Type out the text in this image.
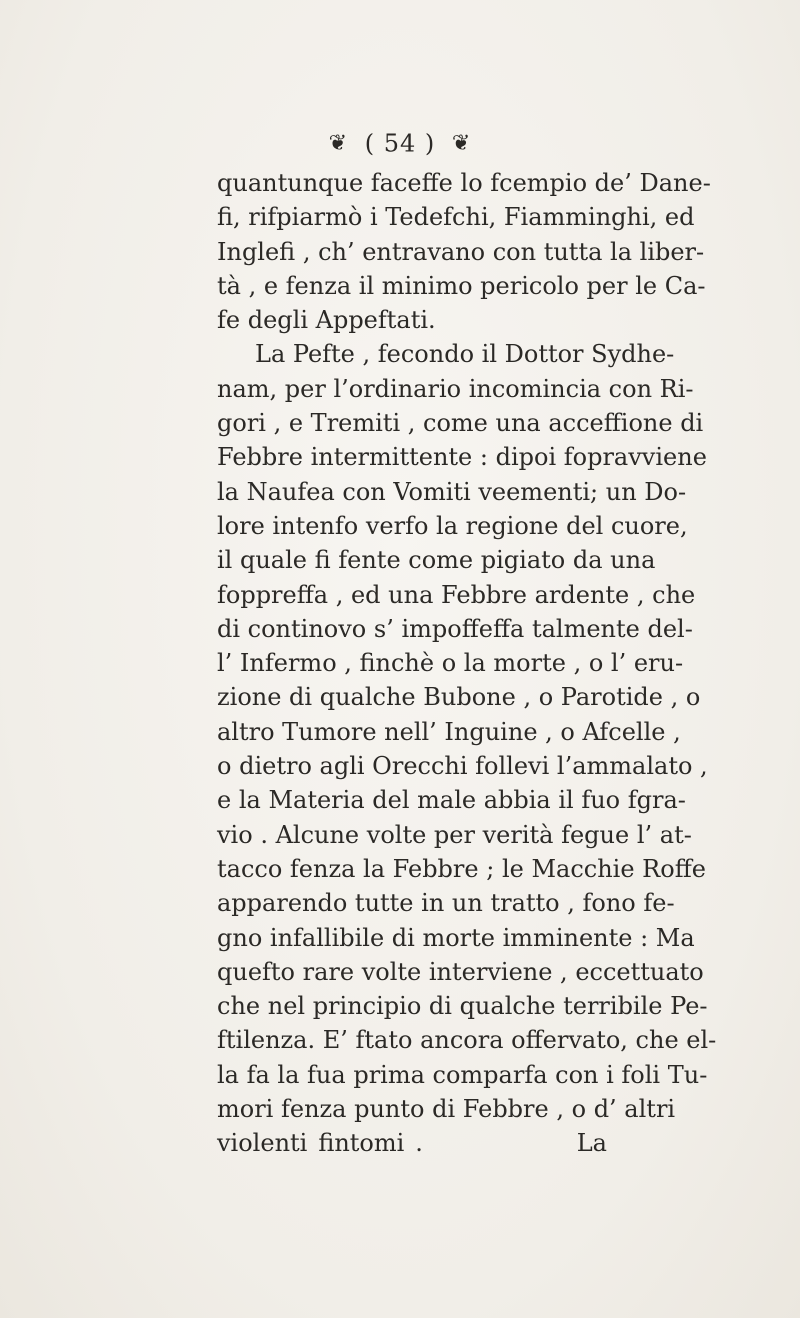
❦ ( 54 ) ❦
quantunque faceffe lo fcempio de’ Dane-
fi, rifpiarmò i Tedefchi, Fiamminghi, ed
Inglefi , ch’ entravano con tutta la liber-
tà , e fenza il minimo pericolo per le Ca-
fe degli Appeftati.
La Pefte , fecondo il Dottor Sydhe-
nam, per l’ordinario incomincia con Ri-
gori , e Tremiti , come una acceffione di
Febbre intermittente : dipoi fopravviene
la Naufea con Vomiti veementi; un Do-
lore intenfo verfo la regione del cuore,
il quale fi fente come pigiato da una
foppreffa , ed una Febbre ardente , che
di continovo s’ impoffeffa talmente del-
l’ Infermo , finchè o la morte , o l’ eru-
zione di qualche Bubone , o Parotide , o
altro Tumore nell’ Inguine , o Afcelle ,
o dietro agli Orecchi follevi l’ammalato ,
e la Materia del male abbia il fuo fgra-
vio . Alcune volte per verità fegue l’ at-
tacco fenza la Febbre ; le Macchie Roffe
apparendo tutte in un tratto , fono fe-
gno infallibile di morte imminente : Ma
quefto rare volte interviene , eccettuato
che nel principio di qualche terribile Pe-
ftilenza. E’ ftato ancora offervato, che el-
la fa la fua prima comparfa con i foli Tu-
mori fenza punto di Febbre , o d’ altri
violenti fintomi .              La
